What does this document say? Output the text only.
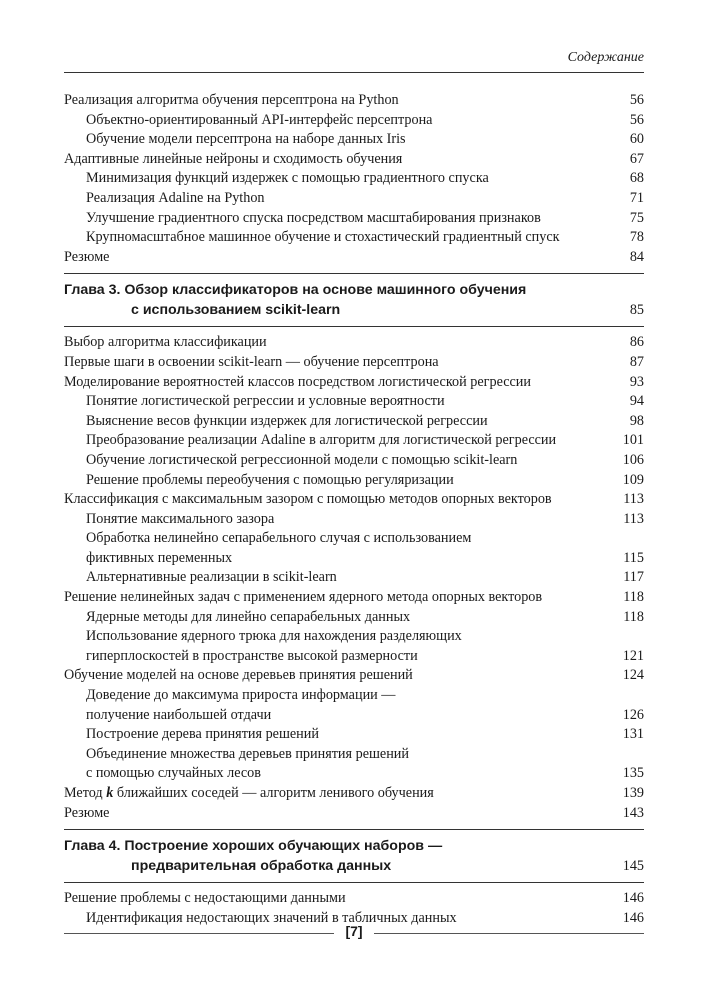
Содержание
Реализация алгоритма обучения персептрона на Python	56
Объектно-ориентированный API-интерфейс персептрона	56
Обучение модели персептрона на наборе данных Iris	60
Адаптивные линейные нейроны и сходимость обучения	67
Минимизация функций издержек с помощью градиентного спуска	68
Реализация Adaline на Python	71
Улучшение градиентного спуска посредством масштабирования признаков	75
Крупномасштабное машинное обучение и стохастический градиентный спуск	78
Резюме	84
Глава 3. Обзор классификаторов на основе машинного обучения
с использованием scikit-learn	85
Выбор алгоритма классификации	86
Первые шаги в освоении scikit-learn — обучение персептрона	87
Моделирование вероятностей классов посредством логистической регрессии	93
Понятие логистической регрессии и условные вероятности	94
Выяснение весов функции издержек для логистической регрессии	98
Преобразование реализации Adaline в алгоритм для логистической регрессии	101
Обучение логистической регрессионной модели с помощью scikit-learn	106
Решение проблемы переобучения с помощью регуляризации	109
Классификация с максимальным зазором с помощью методов опорных векторов	113
Понятие максимального зазора	113
Обработка нелинейно сепарабельного случая с использованием
фиктивных переменных	115
Альтернативные реализации в scikit-learn	117
Решение нелинейных задач с применением ядерного метода опорных векторов	118
Ядерные методы для линейно сепарабельных данных	118
Использование ядерного трюка для нахождения разделяющих
гиперплоскостей в пространстве высокой размерности	121
Обучение моделей на основе деревьев принятия решений	124
Доведение до максимума прироста информации —
получение наибольшей отдачи	126
Построение дерева принятия решений	131
Объединение множества деревьев принятия решений
с помощью случайных лесов	135
Метод k ближайших соседей — алгоритм ленивого обучения	139
Резюме	143
Глава 4. Построение хороших обучающих наборов —
предварительная обработка данных	145
Решение проблемы с недостающими данными	146
Идентификация недостающих значений в табличных данных	146
[7]
